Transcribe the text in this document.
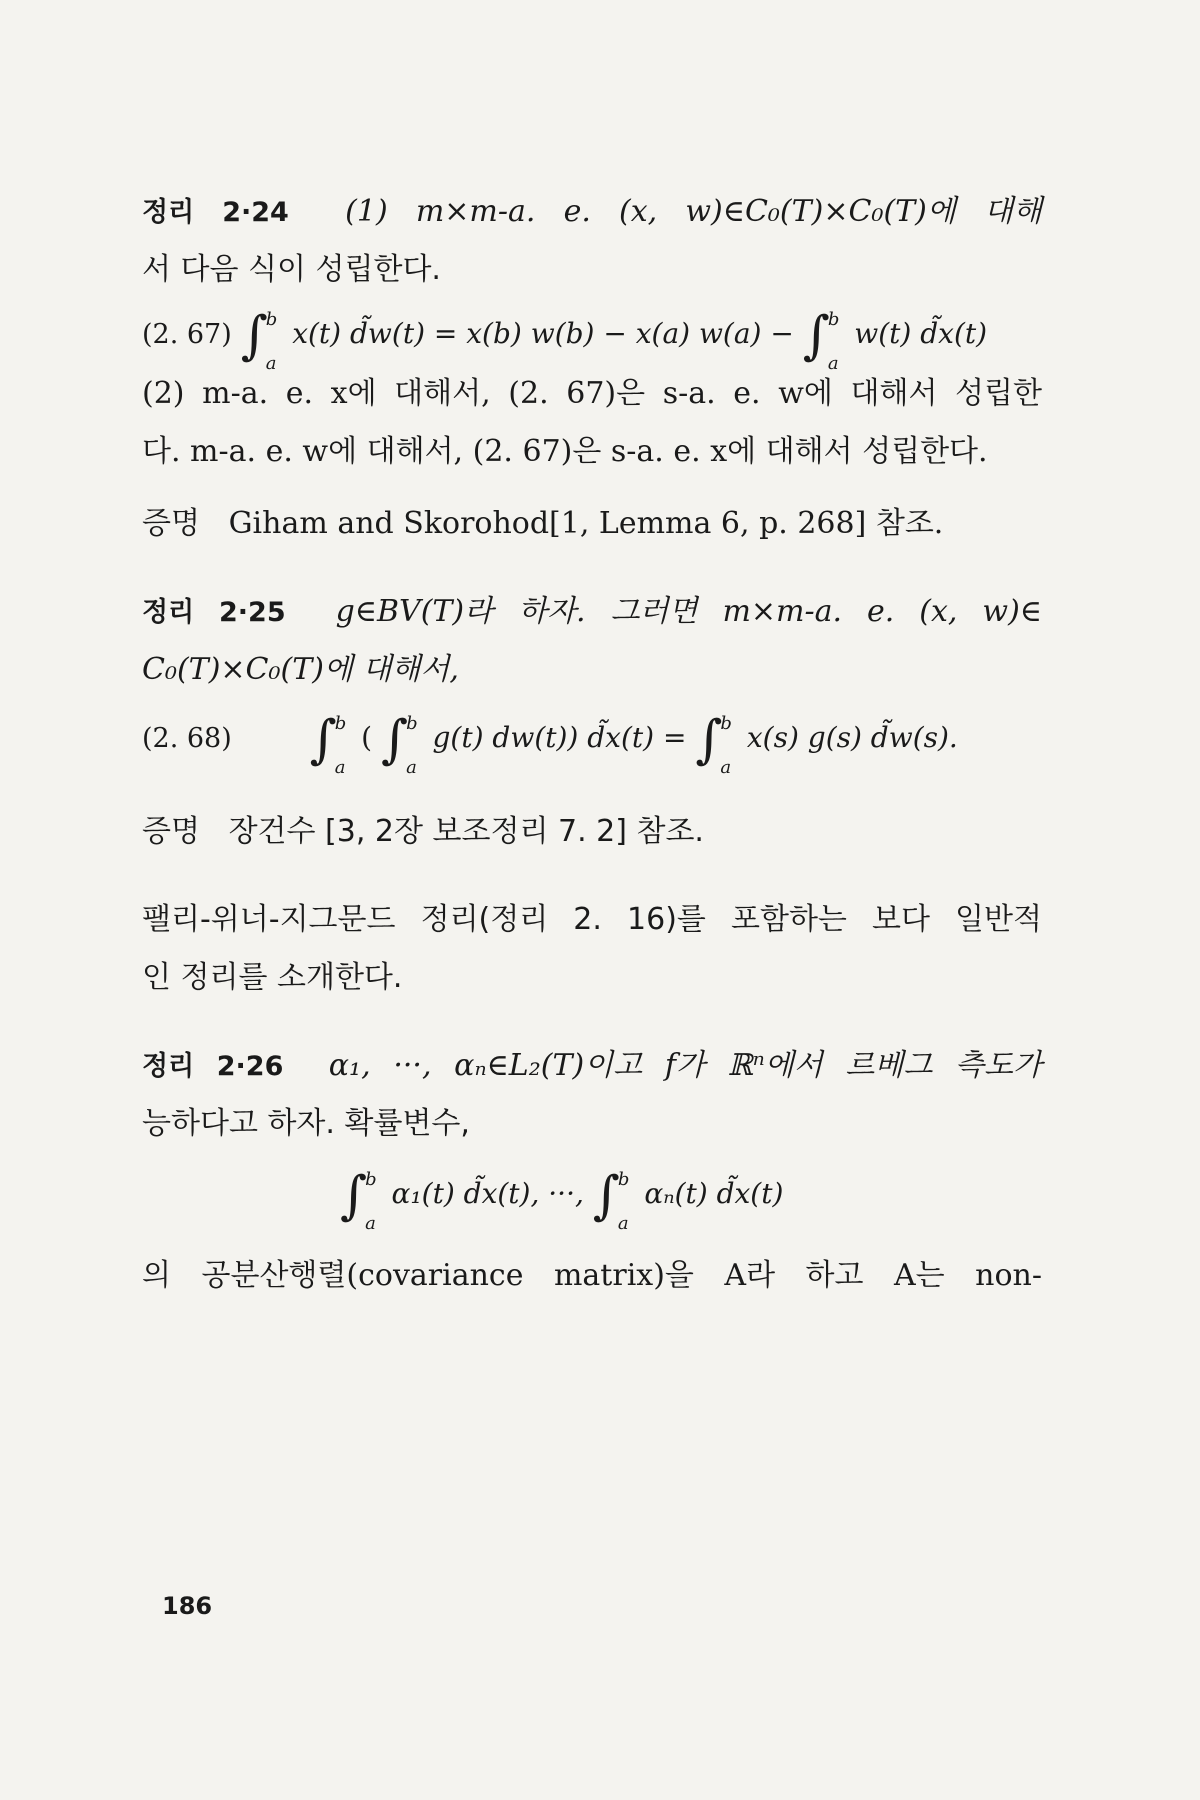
정리 2·24 (1) m×m-a. e. (x, w)∈C₀(T)×C₀(T)에 대해
서 다음 식이 성립한다.
(2. 67) ∫
b
a
x(t) d̃w(t) = x(b) w(b) − x(a) w(a) − ∫
b
a
w(t) d̃x(t)
(2) m-a. e. x에 대해서, (2. 67)은 s-a. e. w에 대해서 성립한
다. m-a. e. w에 대해서, (2. 67)은 s-a. e. x에 대해서 성립한다.
증명 Giham and Skorohod[1, Lemma 6, p. 268] 참조.
정리 2·25 g∈BV(T)라 하자. 그러면 m×m-a. e. (x, w)∈
C₀(T)×C₀(T)에 대해서,
(2. 68) ∫
b
a
( ∫
b
a
g(t) dw(t)) d̃x(t) = ∫
b
a
x(s) g(s) d̃w(s).
증명 장건수 [3, 2장 보조정리 7. 2] 참조.
팰리-위너-지그문드 정리(정리 2. 16)를 포함하는 보다 일반적
인 정리를 소개한다.
정리 2·26 α₁, ···, αₙ∈L₂(T)이고 f가 ℝⁿ에서 르베그 측도가
능하다고 하자. 확률변수,
∫
b
a
α₁(t) d̃x(t), ···, ∫
b
a
αₙ(t) d̃x(t)
의 공분산행렬(covariance matrix)을 A라 하고 A는 non-
186
